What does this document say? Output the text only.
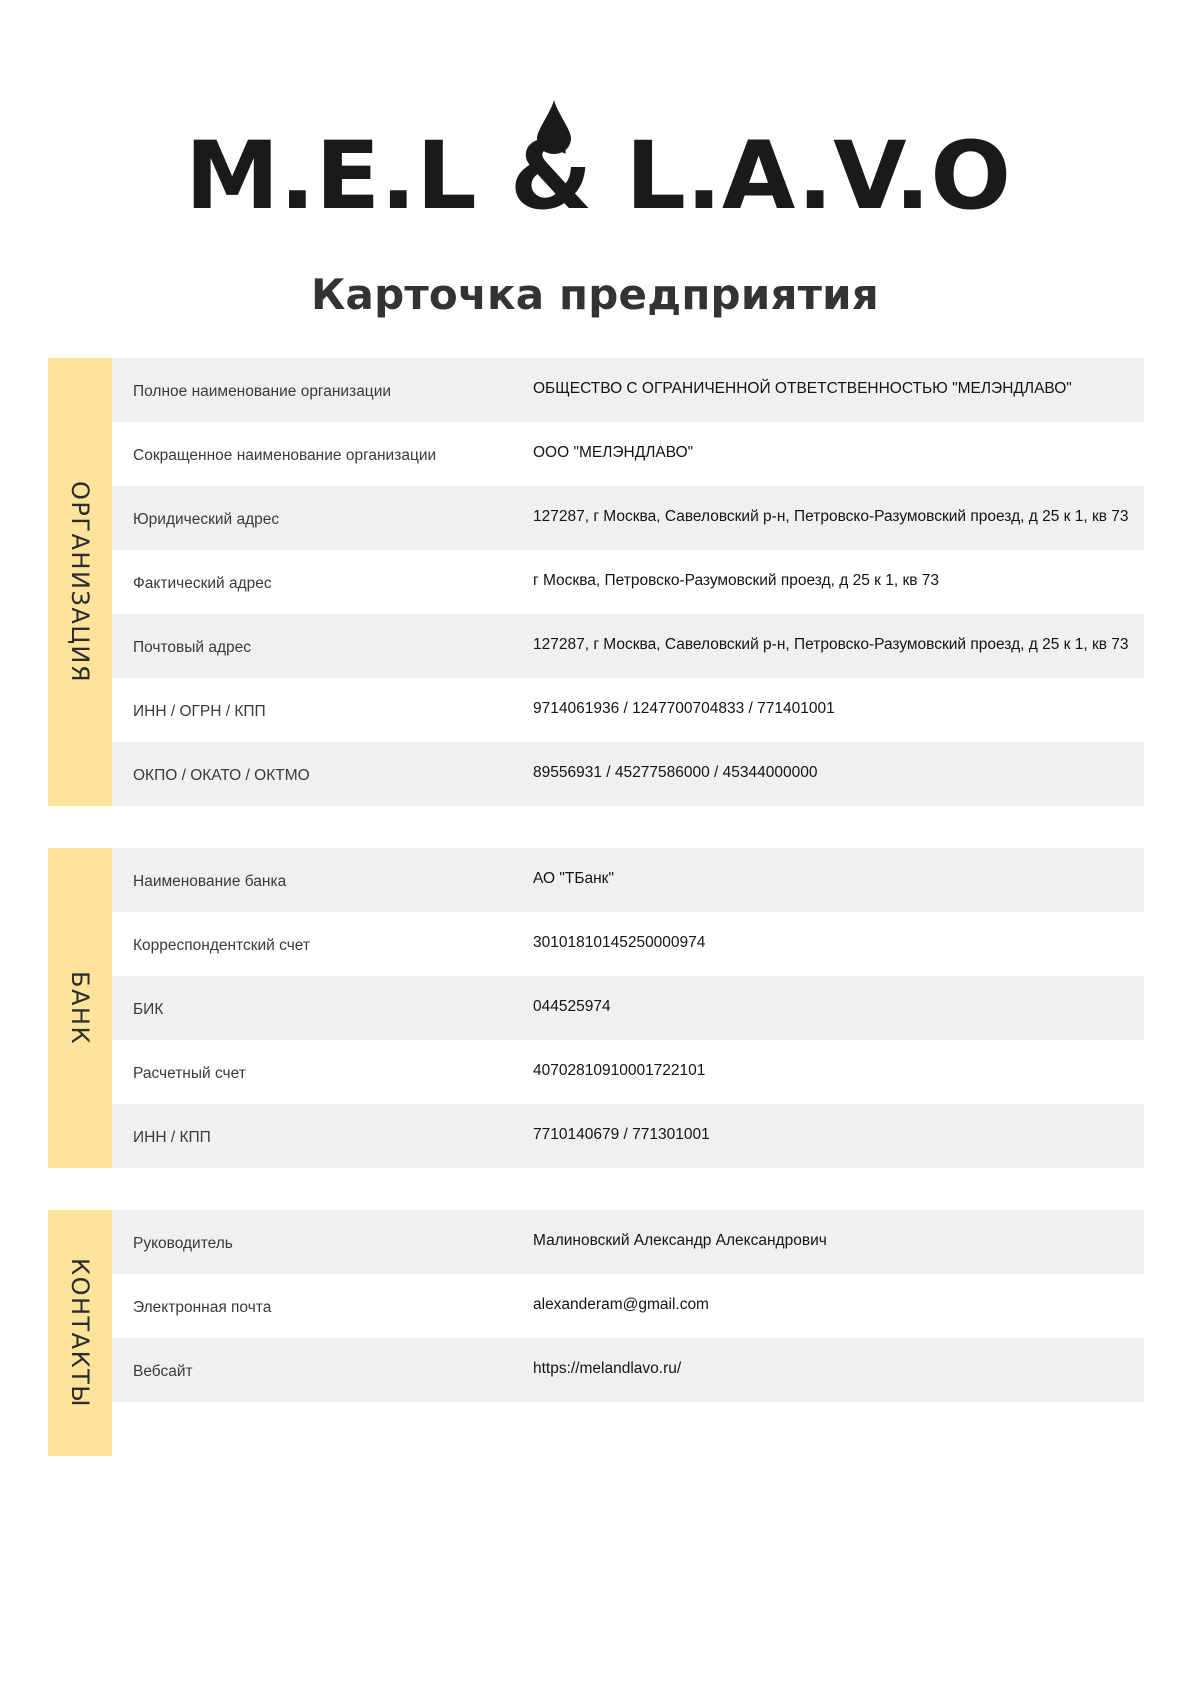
M.E.L & L.A.V.O
Карточка предприятия
ОРГАНИЗАЦИЯ
Полное наименование организации	ОБЩЕСТВО С ОГРАНИЧЕННОЙ ОТВЕТСТВЕННОСТЬЮ "МЕЛЭНДЛАВО"
Сокращенное наименование организации	ООО "МЕЛЭНДЛАВО"
Юридический адрес	127287, г Москва, Савеловский р-н, Петровско-Разумовский проезд, д 25 к 1, кв 73
Фактический адрес	г Москва, Петровско-Разумовский проезд, д 25 к 1, кв 73
Почтовый адрес	127287, г Москва, Савеловский р-н, Петровско-Разумовский проезд, д 25 к 1, кв 73
ИНН / ОГРН / КПП	9714061936 / 1247700704833 / 771401001
ОКПО / ОКАТО / ОКТМО	89556931 / 45277586000 / 45344000000
БАНК
Наименование банка	АО "ТБанк"
Корреспондентский счет	30101810145250000974
БИК	044525974
Расчетный счет	40702810910001722101
ИНН / КПП	7710140679 / 771301001
КОНТАКТЫ
Руководитель	Малиновский Александр Александрович
Электронная почта	alexanderam@gmail.com
Вебсайт	https://melandlavo.ru/
